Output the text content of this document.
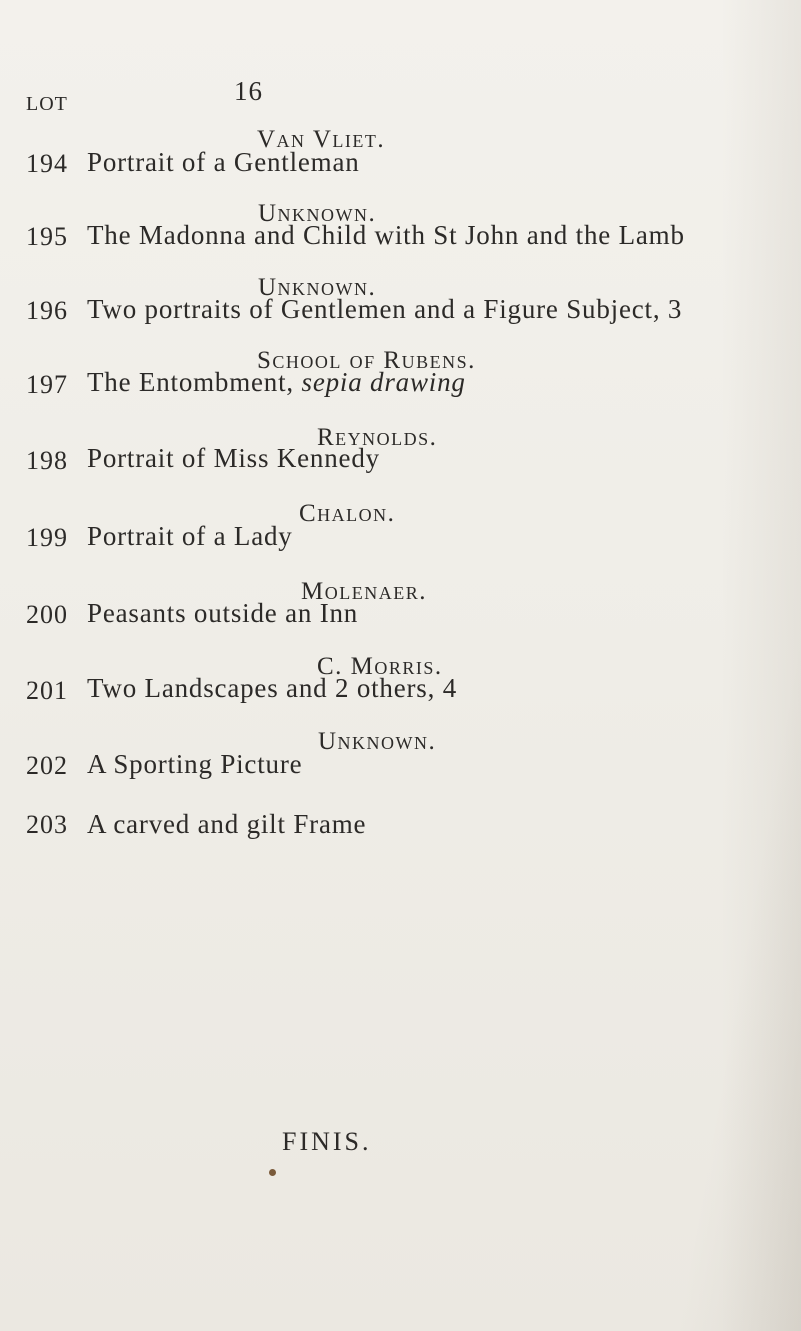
16
LOT
Van Vliet.
194 Portrait of a Gentleman
Unknown.
195 The Madonna and Child with St John and the Lamb
Unknown.
196 Two portraits of Gentlemen and a Figure Subject, 3
School of Rubens.
197 The Entombment, sepia drawing
Reynolds.
198 Portrait of Miss Kennedy
Chalon.
199 Portrait of a Lady
Molenaer.
200 Peasants outside an Inn
C. Morris.
201 Two Landscapes and 2 others, 4
Unknown.
202 A Sporting Picture
203 A carved and gilt Frame
FINIS.
